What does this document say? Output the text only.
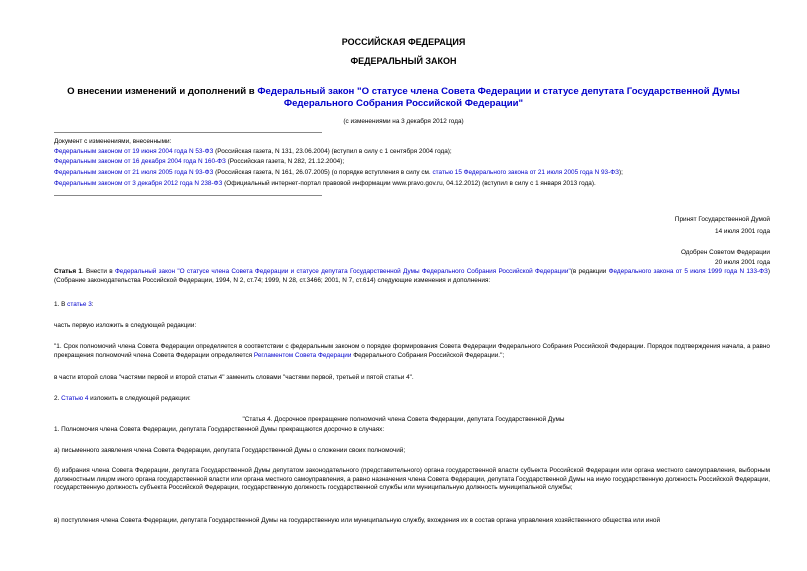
РОССИЙСКАЯ ФЕДЕРАЦИЯ
ФЕДЕРАЛЬНЫЙ ЗАКОН
О внесении изменений и дополнений в Федеральный закон "О статусе члена Совета Федерации и статусе депутата Государственной Думы Федерального Собрания Российской Федерации"
(с изменениями на 3 декабря 2012 года)
Документ с изменениями, внесенными:
Федеральным законом от 19 июня 2004 года N 53-ФЗ (Российская газета, N 131, 23.06.2004) (вступил в силу с 1 сентября 2004 года);
Федеральным законом от 16 декабря 2004 года N 160-ФЗ (Российская газета, N 282, 21.12.2004);
Федеральным законом от 21 июля 2005 года N 93-ФЗ (Российская газета, N 161, 26.07.2005) (о порядке вступления в силу см. статью 15 Федерального закона от 21 июля 2005 года N 93-ФЗ);
Федеральным законом от 3 декабря 2012 года N 238-ФЗ (Официальный интернет-портал правовой информации www.pravo.gov.ru, 04.12.2012) (вступил в силу с 1 января 2013 года).
Принят Государственной Думой
14 июля 2001 года
Одобрен Советом Федерации
20 июля 2001 года
Статья 1. Внести в Федеральный закон "О статусе члена Совета Федерации и статусе депутата Государственной Думы Федерального Собрания Российской Федерации"(в редакции Федерального закона от 5 июля 1999 года N 133-ФЗ) (Собрание законодательства Российской Федерации, 1994, N 2, ст.74; 1999, N 28, ст.3466; 2001, N 7, ст.614) следующие изменения и дополнения:
1. В статье 3:
часть первую изложить в следующей редакции:
"1. Срок полномочий члена Совета Федерации определяется в соответствии с федеральным законом о порядке формирования Совета Федерации Федерального Собрания Российской Федерации. Порядок подтверждения начала, а равно прекращения полномочий члена Совета Федерации определяется Регламентом Совета Федерации Федерального Собрания Российской Федерации.";
в части второй слова "частями первой и второй статьи 4" заменить словами "частями первой, третьей и пятой статьи 4".
2. Статью 4 изложить в следующей редакции:
"Статья 4. Досрочное прекращение полномочий члена Совета Федерации, депутата Государственной Думы
1. Полномочия члена Совета Федерации, депутата Государственной Думы прекращаются досрочно в случаях:
а) письменного заявления члена Совета Федерации, депутата Государственной Думы о сложении своих полномочий;
б) избрания члена Совета Федерации, депутата Государственной Думы депутатом законодательного (представительного) органа государственной власти субъекта Российской Федерации или органа местного самоуправления, выборным должностным лицом иного органа государственной власти или органа местного самоуправления, а равно назначения члена Совета Федерации, депутата Государственной Думы на иную государственную должность Российской Федерации, государственную должность субъекта Российской Федерации, государственную должность государственной службы или муниципальную должность муниципальной службы;
в) поступления члена Совета Федерации, депутата Государственной Думы на государственную или муниципальную службу, вхождения их в состав органа управления хозяйственного общества или иной
